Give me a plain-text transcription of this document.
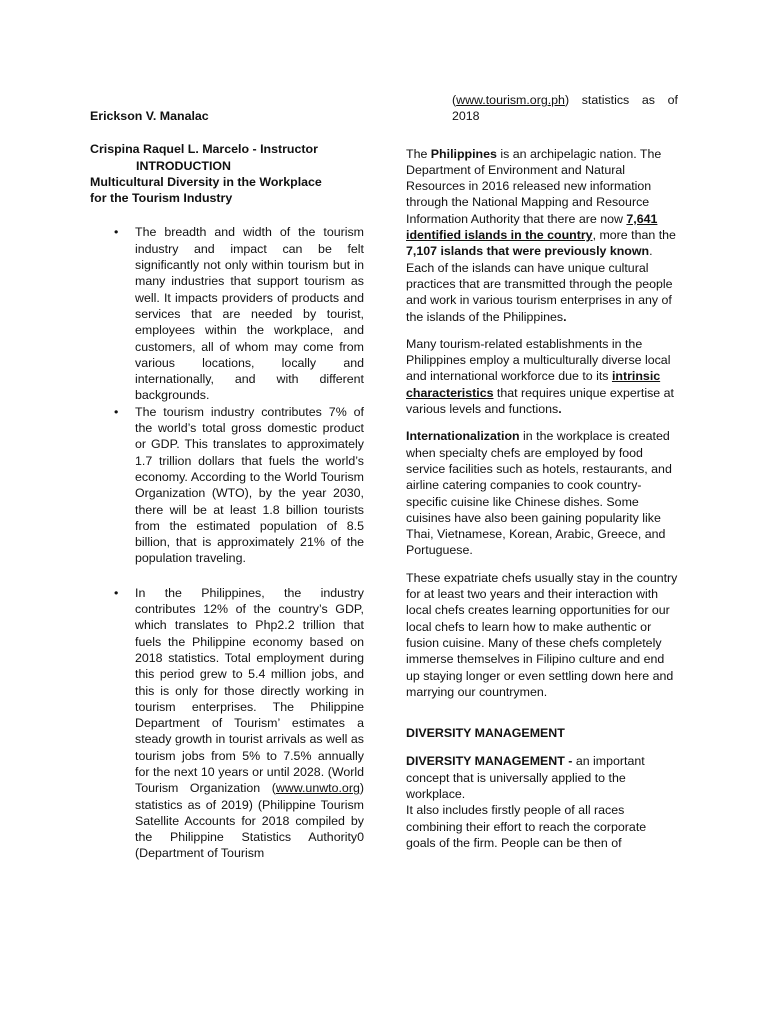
Erickson V. Manalac

Crispina Raquel L. Marcelo - Instructor

INTRODUCTION

Multicultural Diversity in the Workplace

for the Tourism Industry

• The breadth and width of the tourism industry and impact can be felt significantly not only within tourism but in many industries that support tourism as well. It impacts providers of products and services that are needed by tourist, employees within the workplace, and customers, all of whom may come from various locations, locally and internationally, and with different backgrounds.
• The tourism industry contributes 7% of the world’s total gross domestic product or GDP. This translates to approximately 1.7 trillion dollars that fuels the world’s economy. According to the World Tourism Organization (WTO), by the year 2030, there will be at least 1.8 billion tourists from the estimated population of 8.5 billion, that is approximately 21% of the population traveling.
• In the Philippines, the industry contributes 12% of the country’s GDP, which translates to Php2.2 trillion that fuels the Philippine economy based on 2018 statistics. Total employment during this period grew to 5.4 million jobs, and this is only for those directly working in tourism enterprises. The Philippine Department of Tourism’ estimates a steady growth in tourist arrivals as well as tourism jobs from 5% to 7.5% annually for the next 10 years or until 2028. (World Tourism Organization (www.unwto.org) statistics as of 2019) (Philippine Tourism Satellite Accounts for 2018 compiled by the Philippine Statistics Authority0 (Department of Tourism

(www.tourism.org.ph) statistics as of 2018

The Philippines is an archipelagic nation. The Department of Environment and Natural Resources in 2016 released new information through the National Mapping and Resource Information Authority that there are now 7,641 identified islands in the country, more than the 7,107 islands that were previously known. Each of the islands can have unique cultural practices that are transmitted through the people and work in various tourism enterprises in any of the islands of the Philippines.

Many tourism-related establishments in the Philippines employ a multiculturally diverse local and international workforce due to its intrinsic characteristics that requires unique expertise at various levels and functions.

Internationalization in the workplace is created when specialty chefs are employed by food service facilities such as hotels, restaurants, and airline catering companies to cook country-specific cuisine like Chinese dishes. Some cuisines have also been gaining popularity like Thai, Vietnamese, Korean, Arabic, Greece, and Portuguese.

These expatriate chefs usually stay in the country for at least two years and their interaction with local chefs creates learning opportunities for our local chefs to learn how to make authentic or fusion cuisine. Many of these chefs completely immerse themselves in Filipino culture and end up staying longer or even settling down here and marrying our countrymen.

DIVERSITY MANAGEMENT

DIVERSITY MANAGEMENT - an important concept that is universally applied to the workplace.

It also includes firstly people of all races combining their effort to reach the corporate goals of the firm. People can be then of
